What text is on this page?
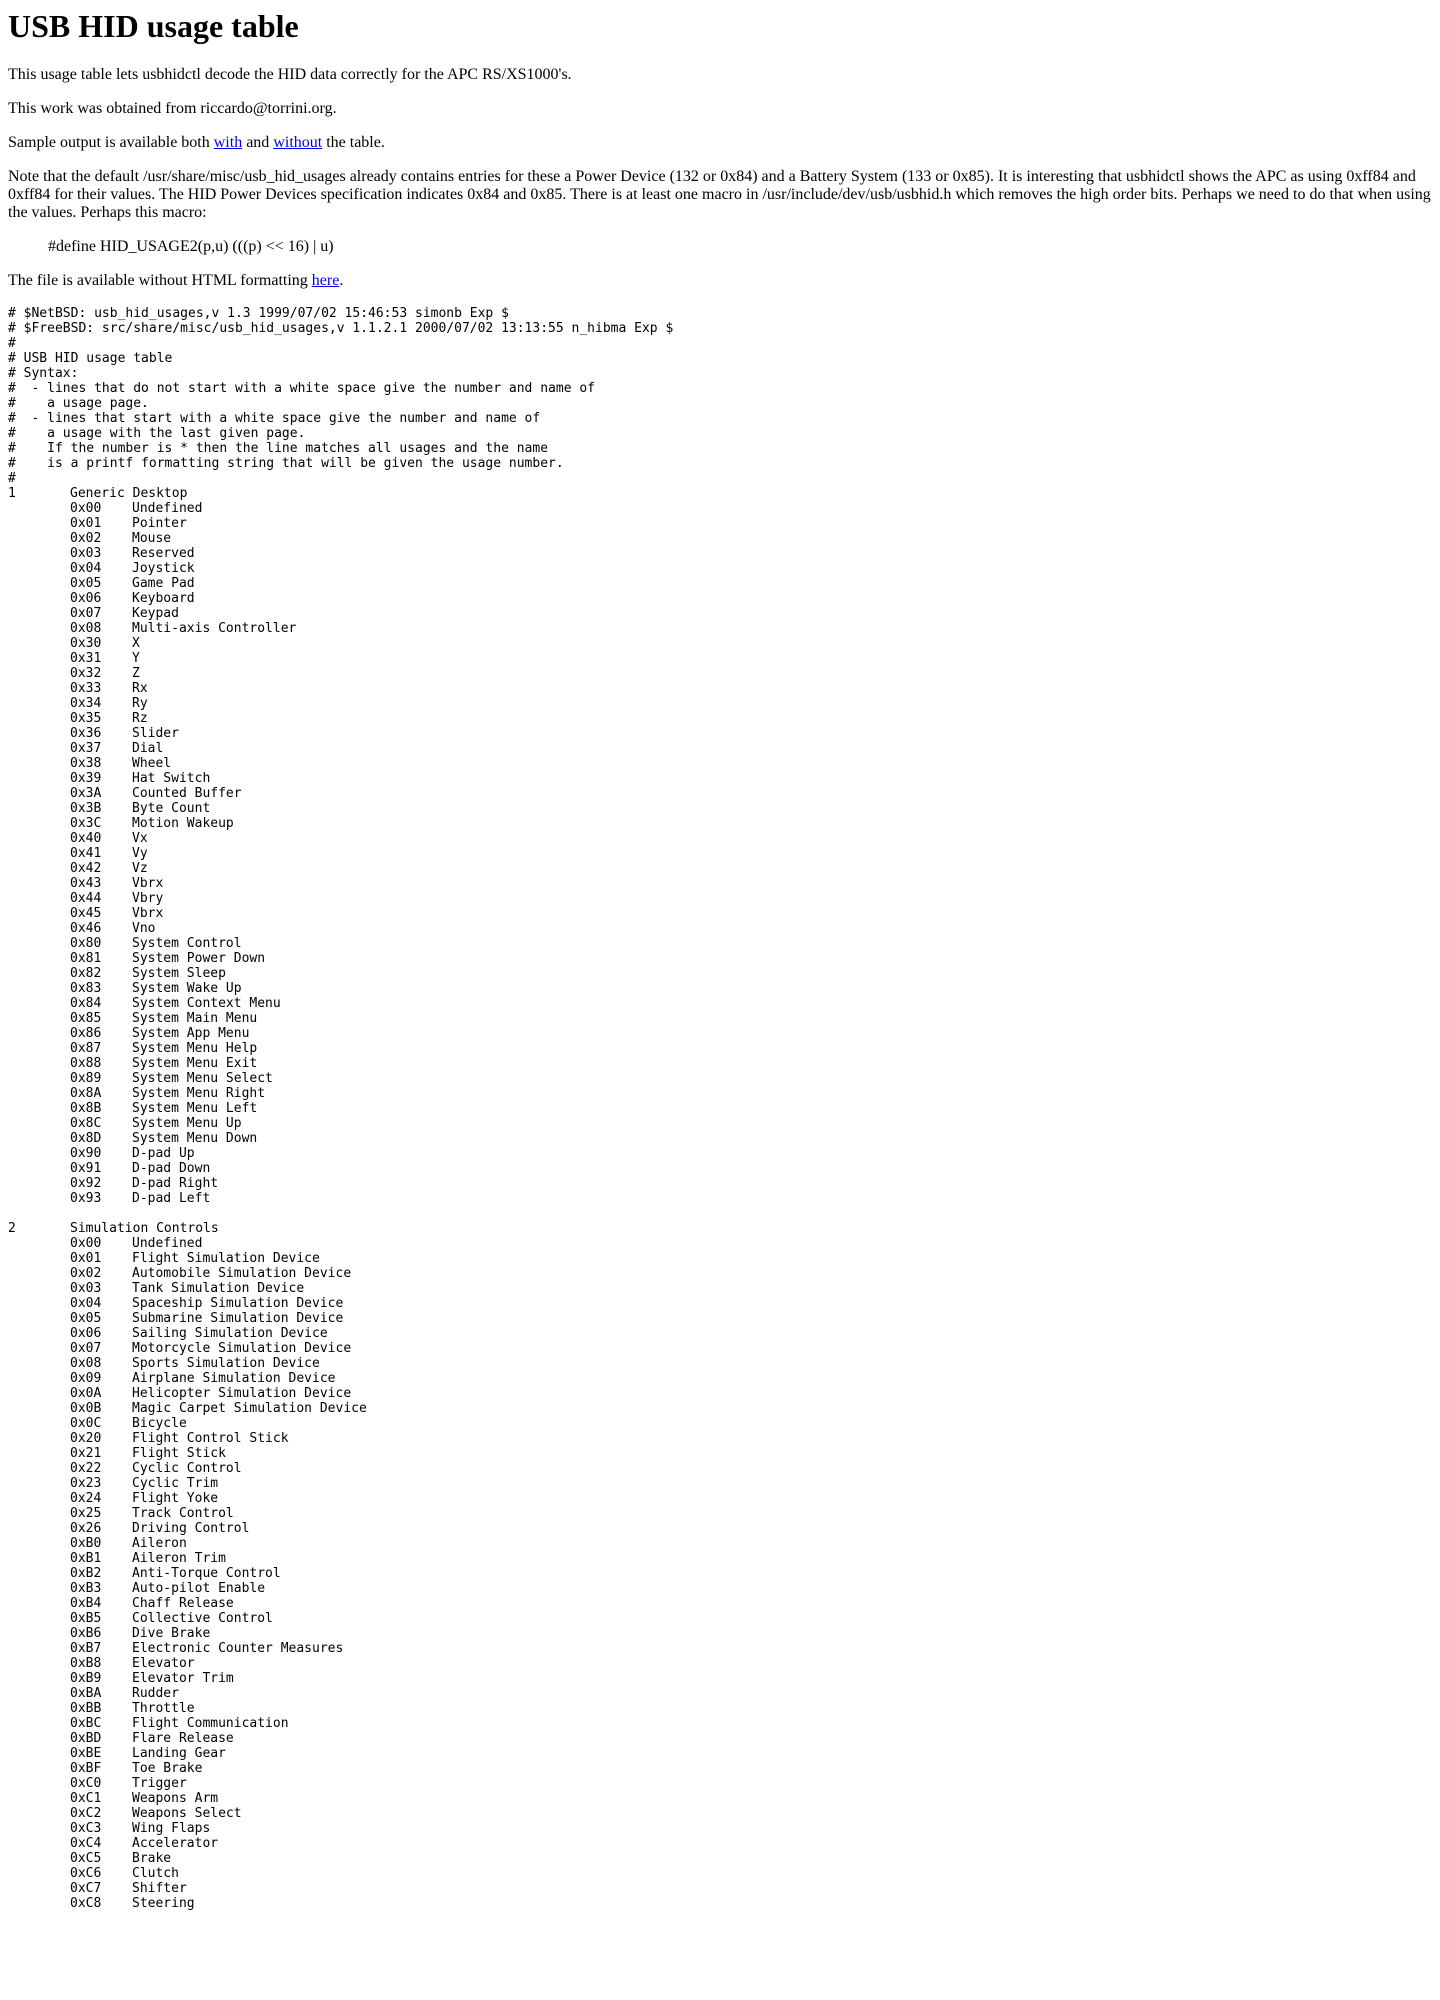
USB HID usage table

This usage table lets usbhidctl decode the HID data correctly for the APC RS/XS1000's.

This work was obtained from riccardo@torrini.org.

Sample output is available both with and without the table.

Note that the default /usr/share/misc/usb_hid_usages already contains entries for these a Power Device (132 or 0x84) and a Battery System (133 or 0x85). It is interesting that usbhidctl shows the APC as using 0xff84 and 0xff84 for their values. The HID Power Devices specification indicates 0x84 and 0x85. There is at least one macro in /usr/include/dev/usb/usbhid.h which removes the high order bits. Perhaps we need to do that when using the values. Perhaps this macro:

#define HID_USAGE2(p,u) (((p) << 16) | u)

The file is available without HTML formatting here.

# $NetBSD: usb_hid_usages,v 1.3 1999/07/02 15:46:53 simonb Exp $
# $FreeBSD: src/share/misc/usb_hid_usages,v 1.1.2.1 2000/07/02 13:13:55 n_hibma Exp $
#
# USB HID usage table
# Syntax:
#  - lines that do not start with a white space give the number and name of
#    a usage page.
#  - lines that start with a white space give the number and name of
#    a usage with the last given page.
#    If the number is * then the line matches all usages and the name
#    is a printf formatting string that will be given the usage number.
#
1	Generic Desktop
0x00 Undefined
0x01 Pointer
0x02 Mouse
0x03 Reserved
0x04 Joystick
0x05 Game Pad
0x06 Keyboard
0x07 Keypad
0x08 Multi-axis Controller
0x30 X
0x31 Y
0x32 Z
0x33 Rx
0x34 Ry
0x35 Rz
0x36 Slider
0x37 Dial
0x38 Wheel
0x39 Hat Switch
0x3A Counted Buffer
0x3B Byte Count
0x3C Motion Wakeup
0x40 Vx
0x41 Vy
0x42 Vz
0x43 Vbrx
0x44 Vbry
0x45 Vbrx
0x46 Vno
0x80 System Control
0x81 System Power Down
0x82 System Sleep
0x83 System Wake Up
0x84 System Context Menu
0x85 System Main Menu
0x86 System App Menu
0x87 System Menu Help
0x88 System Menu Exit
0x89 System Menu Select
0x8A System Menu Right
0x8B System Menu Left
0x8C System Menu Up
0x8D System Menu Down
0x90 D-pad Up
0x91 D-pad Down
0x92 D-pad Right
0x93 D-pad Left
2	Simulation Controls
0x00 Undefined
0x01 Flight Simulation Device
0x02 Automobile Simulation Device
0x03 Tank Simulation Device
0x04 Spaceship Simulation Device
0x05 Submarine Simulation Device
0x06 Sailing Simulation Device
0x07 Motorcycle Simulation Device
0x08 Sports Simulation Device
0x09 Airplane Simulation Device
0x0A Helicopter Simulation Device
0x0B Magic Carpet Simulation Device
0x0C Bicycle
0x20 Flight Control Stick
0x21 Flight Stick
0x22 Cyclic Control
0x23 Cyclic Trim
0x24 Flight Yoke
0x25 Track Control
0x26 Driving Control
0xB0 Aileron
0xB1 Aileron Trim
0xB2 Anti-Torque Control
0xB3 Auto-pilot Enable
0xB4 Chaff Release
0xB5 Collective Control
0xB6 Dive Brake
0xB7 Electronic Counter Measures
0xB8 Elevator
0xB9 Elevator Trim
0xBA Rudder
0xBB Throttle
0xBC Flight Communication
0xBD Flare Release
0xBE Landing Gear
0xBF Toe Brake
0xC0 Trigger
0xC1 Weapons Arm
0xC2 Weapons Select
0xC3 Wing Flaps
0xC4 Accelerator
0xC5 Brake
0xC6 Clutch
0xC7 Shifter
0xC8 Steering
